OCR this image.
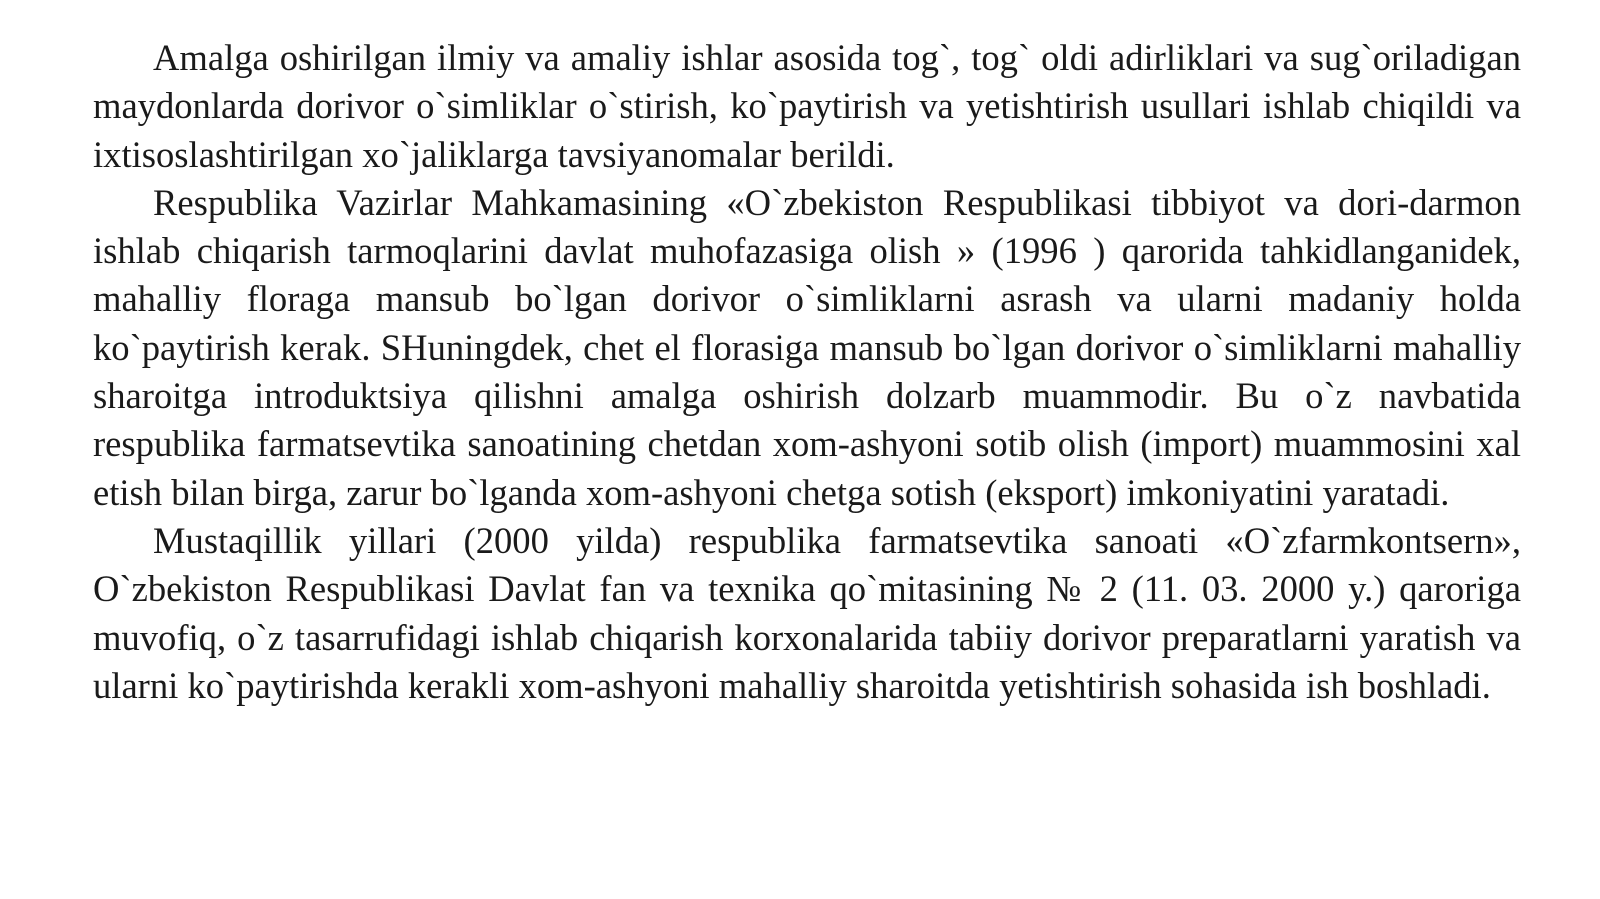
Amalga oshirilgan ilmiy va amaliy ishlar asosida tog`, tog` oldi adirliklari va sug`oriladigan maydonlarda dorivor o`simliklar o`stirish, ko`paytirish va yetishtirish usullari ishlab chiqildi va ixtisoslashtirilgan xo`jaliklarga tavsiyanomalar berildi.

Respublika Vazirlar Mahkamasining «O`zbekiston Respublikasi tibbiyot va dori-darmon ishlab chiqarish tarmoqlarini davlat muhofazasiga olish » (1996 ) qarorida tahkidlanganidek, mahalliy floraga mansub bo`lgan dorivor o`simliklarni asrash va ularni madaniy holda ko`paytirish kerak. SHuningdek, chet el florasiga mansub bo`lgan dorivor o`simliklarni mahalliy sharoitga introduktsiya qilishni amalga oshirish dolzarb muammodir. Bu o`z navbatida respublika farmatsevtika sanoatining chetdan xom-ashyoni sotib olish (import) muammosini xal etish bilan birga, zarur bo`lganda xom-ashyoni chetga sotish (eksport) imkoniyatini yaratadi.

Mustaqillik yillari (2000 yilda) respublika farmatsevtika sanoati «O`zfarmkontsern», O`zbekiston Respublikasi Davlat fan va texnika qo`mitasining № 2 (11. 03. 2000 y.) qaroriga muvofiq, o`z tasarrufidagi ishlab chiqarish korxonalarida tabiiy dorivor preparatlarni yaratish va ularni ko`paytirishda kerakli xom-ashyoni mahalliy sharoitda yetishtirish sohasida ish boshladi.
